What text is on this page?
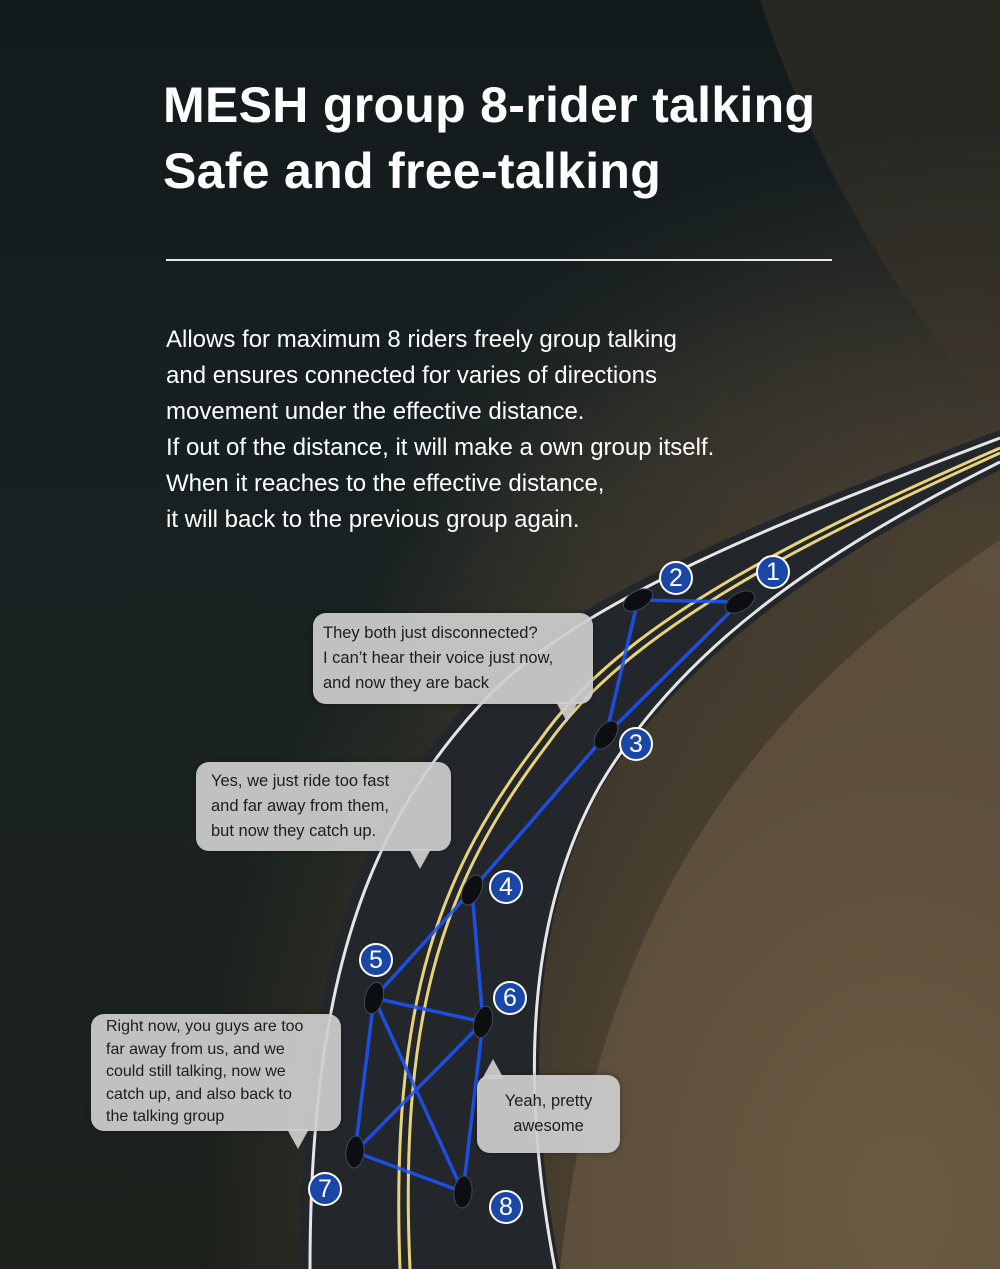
MESH group 8-rider talking
Safe and free-talking
Allows for maximum 8 riders freely group talking
and ensures connected for varies of directions
movement under the effective distance.
If out of the distance, it will make a own group itself.
When it reaches to the effective distance,
it will back to the previous group again.
They both just disconnected?
I can’t hear their voice just now,
and now they are back
Yes, we just ride too fast
and far away from them,
but now they catch up.
Right now, you guys are too
far away from us, and we
could still talking, now we
catch up, and also back to
the talking group
Yeah, pretty
awesome
1
2
3
4
5
6
7
8
